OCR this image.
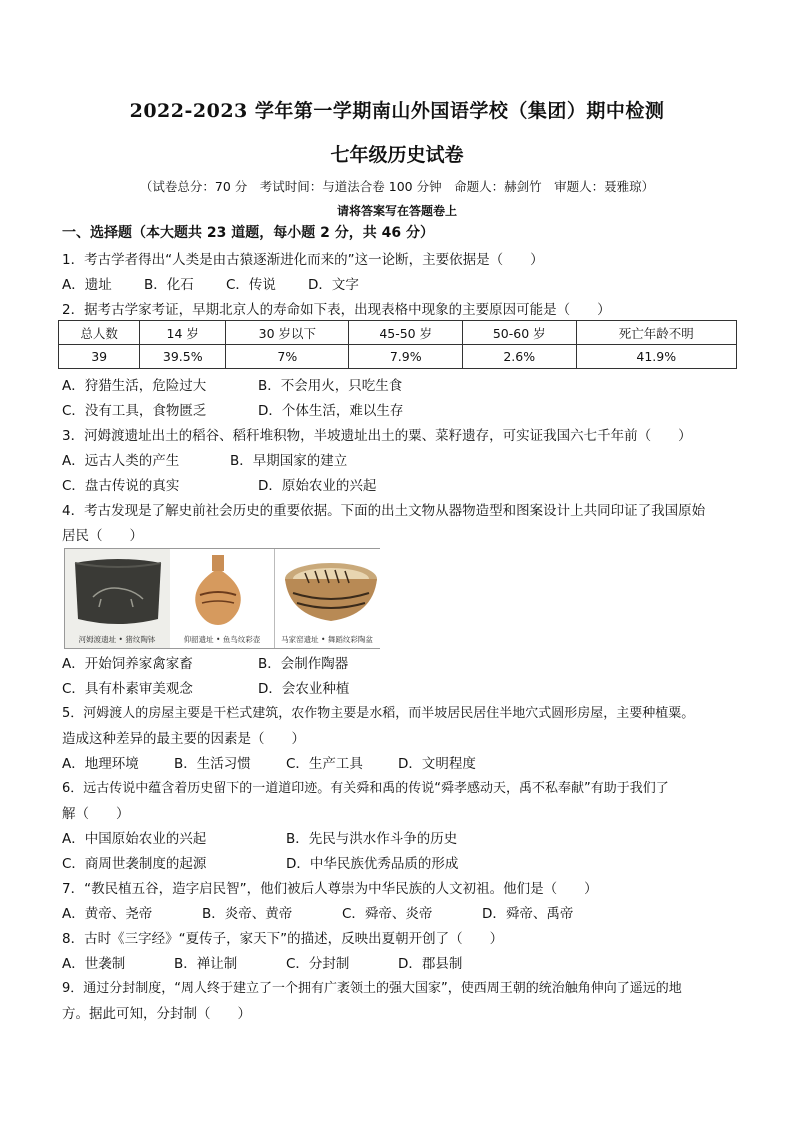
2022-2023 学年第一学期南山外国语学校（集团）期中检测
七年级历史试卷
（试卷总分：70 分　考试时间：与道法合卷 100 分钟　命题人：赫剑竹　审题人：聂雅琼）
请将答案写在答题卷上
一、选择题（本大题共 23 道题，每小题 2 分，共 46 分）
1．考古学者得出“人类是由古猿逐渐进化而来的”这一论断，主要依据是（　　）
A．遗址 B．化石 C．传说 D．文字
2．据考古学家考证，早期北京人的寿命如下表，出现表格中现象的主要原因可能是（　　）
总人数	14 岁	30 岁以下	45-50 岁	50-60 岁	死亡年龄不明
39	39.5%	7%	7.9%	2.6%	41.9%
A．狩猎生活，危险过大	B．不会用火，只吃生食
C．没有工具，食物匮乏	D．个体生活，难以生存
3．河姆渡遗址出土的稻谷、稻秆堆积物，半坡遗址出土的粟、菜籽遗存，可实证我国六七千年前（　　）
A．远古人类的产生	B．早期国家的建立
C．盘古传说的真实	D．原始农业的兴起
4．考古发现是了解史前社会历史的重要依据。下面的出土文物从器物造型和图案设计上共同印证了我国原始
居民（　　）
河姆渡遗址 • 猪纹陶钵	仰韶遗址 • 鱼鸟纹彩壶	马家窑遗址 • 舞蹈纹彩陶盆
A．开始饲养家禽家畜	B．会制作陶器
C．具有朴素审美观念	D．会农业种植
5．河姆渡人的房屋主要是干栏式建筑，农作物主要是水稻，而半坡居民居住半地穴式圆形房屋，主要种植粟。
造成这种差异的最主要的因素是（　　）
A．地理环境	B．生活习惯	C．生产工具	D．文明程度
6．远古传说中蕴含着历史留下的一道道印迹。有关舜和禹的传说“舜孝感动天，禹不私奉献”有助于我们了
解（　　）
A．中国原始农业的兴起	B．先民与洪水作斗争的历史
C．商周世袭制度的起源	D．中华民族优秀品质的形成
7．“教民植五谷，造字启民智”，他们被后人尊崇为中华民族的人文初祖。他们是（　　）
A．黄帝、尧帝	B．炎帝、黄帝	C．舜帝、炎帝	D．舜帝、禹帝
8．古时《三字经》“夏传子，家天下”的描述，反映出夏朝开创了（　　）
A．世袭制	B．禅让制	C．分封制	D．郡县制
9．通过分封制度，“周人终于建立了一个拥有广袤领土的强大国家”，使西周王朝的统治触角伸向了遥远的地
方。据此可知，分封制（　　）
